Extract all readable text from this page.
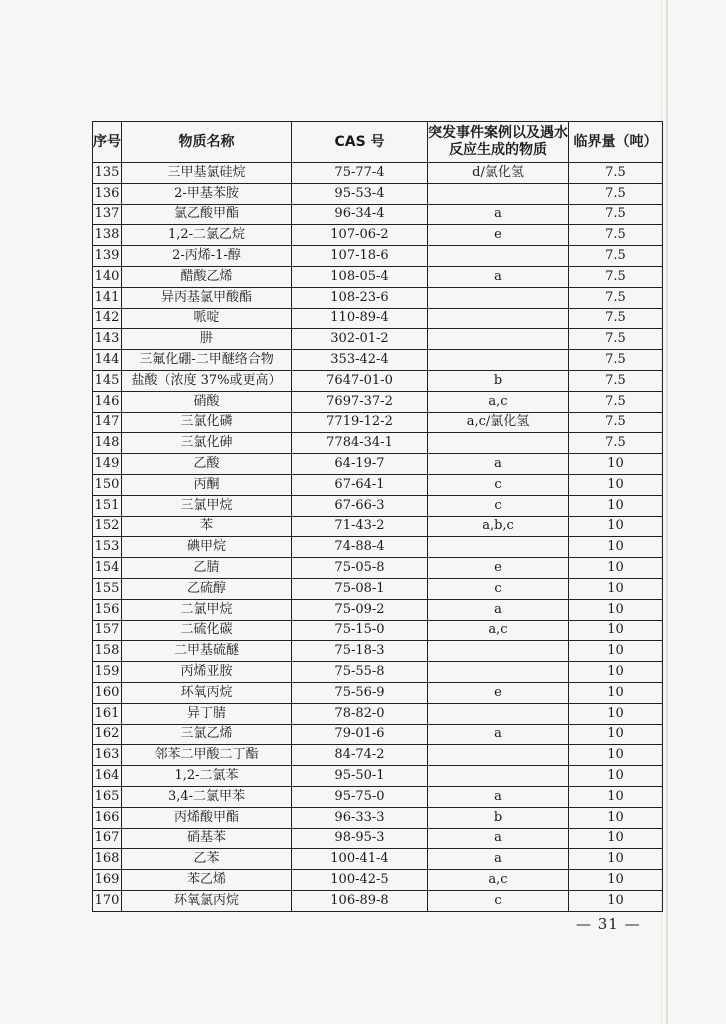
序号	物质名称	CAS 号	突发事件案例以及遇水反应生成的物质	临界量（吨）
135	三甲基氯硅烷	75-77-4	d/氯化氢	7.5
136	2-甲基苯胺	95-53-4		7.5
137	氯乙酸甲酯	96-34-4	a	7.5
138	1,2-二氯乙烷	107-06-2	e	7.5
139	2-丙烯-1-醇	107-18-6		7.5
140	醋酸乙烯	108-05-4	a	7.5
141	异丙基氯甲酸酯	108-23-6		7.5
142	哌啶	110-89-4		7.5
143	肼	302-01-2		7.5
144	三氟化硼-二甲醚络合物	353-42-4		7.5
145	盐酸（浓度 37%或更高）	7647-01-0	b	7.5
146	硝酸	7697-37-2	a,c	7.5
147	三氯化磷	7719-12-2	a,c/氯化氢	7.5
148	三氯化砷	7784-34-1		7.5
149	乙酸	64-19-7	a	10
150	丙酮	67-64-1	c	10
151	三氯甲烷	67-66-3	c	10
152	苯	71-43-2	a,b,c	10
153	碘甲烷	74-88-4		10
154	乙腈	75-05-8	e	10
155	乙硫醇	75-08-1	c	10
156	二氯甲烷	75-09-2	a	10
157	二硫化碳	75-15-0	a,c	10
158	二甲基硫醚	75-18-3		10
159	丙烯亚胺	75-55-8		10
160	环氧丙烷	75-56-9	e	10
161	异丁腈	78-82-0		10
162	三氯乙烯	79-01-6	a	10
163	邻苯二甲酸二丁酯	84-74-2		10
164	1,2-二氯苯	95-50-1		10
165	3,4-二氯甲苯	95-75-0	a	10
166	丙烯酸甲酯	96-33-3	b	10
167	硝基苯	98-95-3	a	10
168	乙苯	100-41-4	a	10
169	苯乙烯	100-42-5	a,c	10
170	环氧氯丙烷	106-89-8	c	10
— 31 —
